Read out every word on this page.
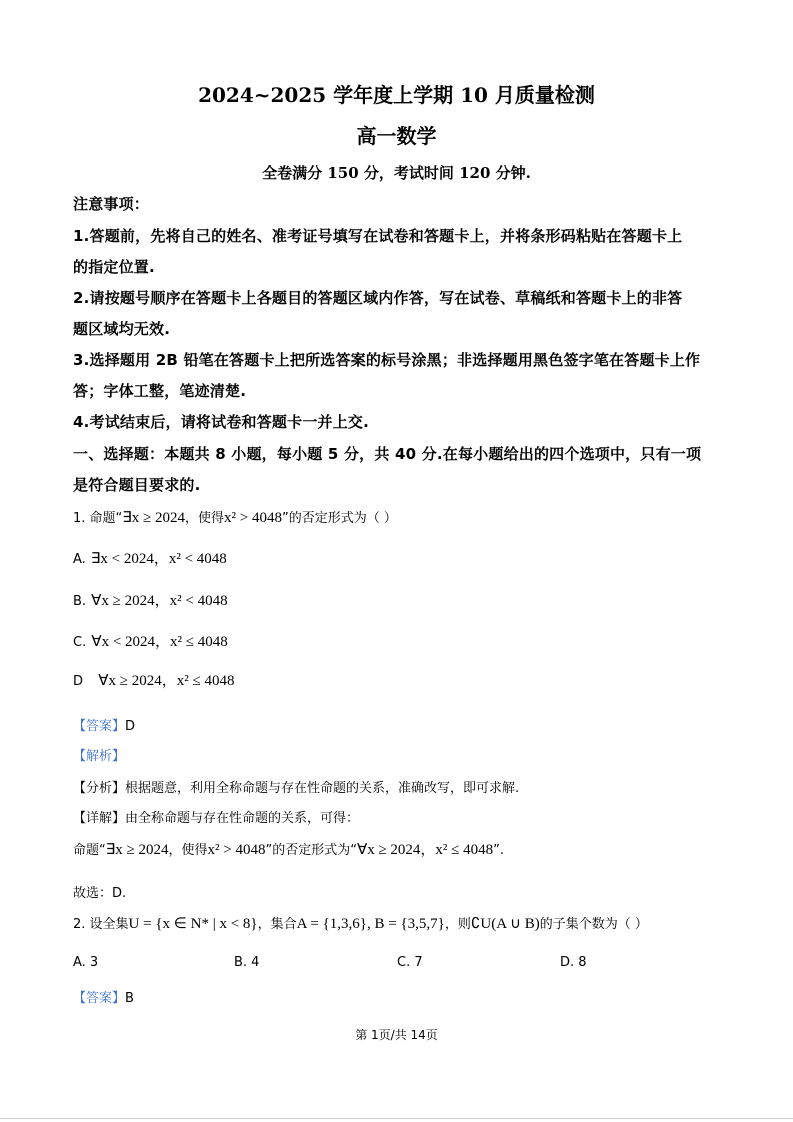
2024~2025 学年度上学期 10 月质量检测
高一数学
全卷满分 150 分，考试时间 120 分钟.
注意事项：
1.答题前，先将自己的姓名、准考证号填写在试卷和答题卡上，并将条形码粘贴在答题卡上
的指定位置.
2.请按题号顺序在答题卡上各题目的答题区域内作答，写在试卷、草稿纸和答题卡上的非答
题区域均无效.
3.选择题用 2B 铅笔在答题卡上把所选答案的标号涂黑；非选择题用黑色签字笔在答题卡上作
答；字体工整，笔迹清楚.
4.考试结束后，请将试卷和答题卡一并上交.
一、选择题：本题共 8 小题，每小题 5 分，共 40 分.在每小题给出的四个选项中，只有一项
是符合题目要求的.
1. 命题“∃x ≥ 2024，使得x² > 4048”的否定形式为（ ）
A. ∃x < 2024，x² < 4048
B. ∀x ≥ 2024，x² < 4048
C. ∀x < 2024，x² ≤ 4048
D ∀x ≥ 2024，x² ≤ 4048
【答案】D
【解析】
【分析】根据题意，利用全称命题与存在性命题的关系，准确改写，即可求解.
【详解】由全称命题与存在性命题的关系，可得：
命题“∃x ≥ 2024，使得x² > 4048”的否定形式为“∀x ≥ 2024，x² ≤ 4048”.
故选：D.
2. 设全集U = {x ∈ N* | x < 8}，集合A = {1,3,6}, B = {3,5,7}，则∁U(A ∪ B)的子集个数为（ ）
A. 3	B. 4	C. 7	D. 8
【答案】B
第 1页/共 14页
